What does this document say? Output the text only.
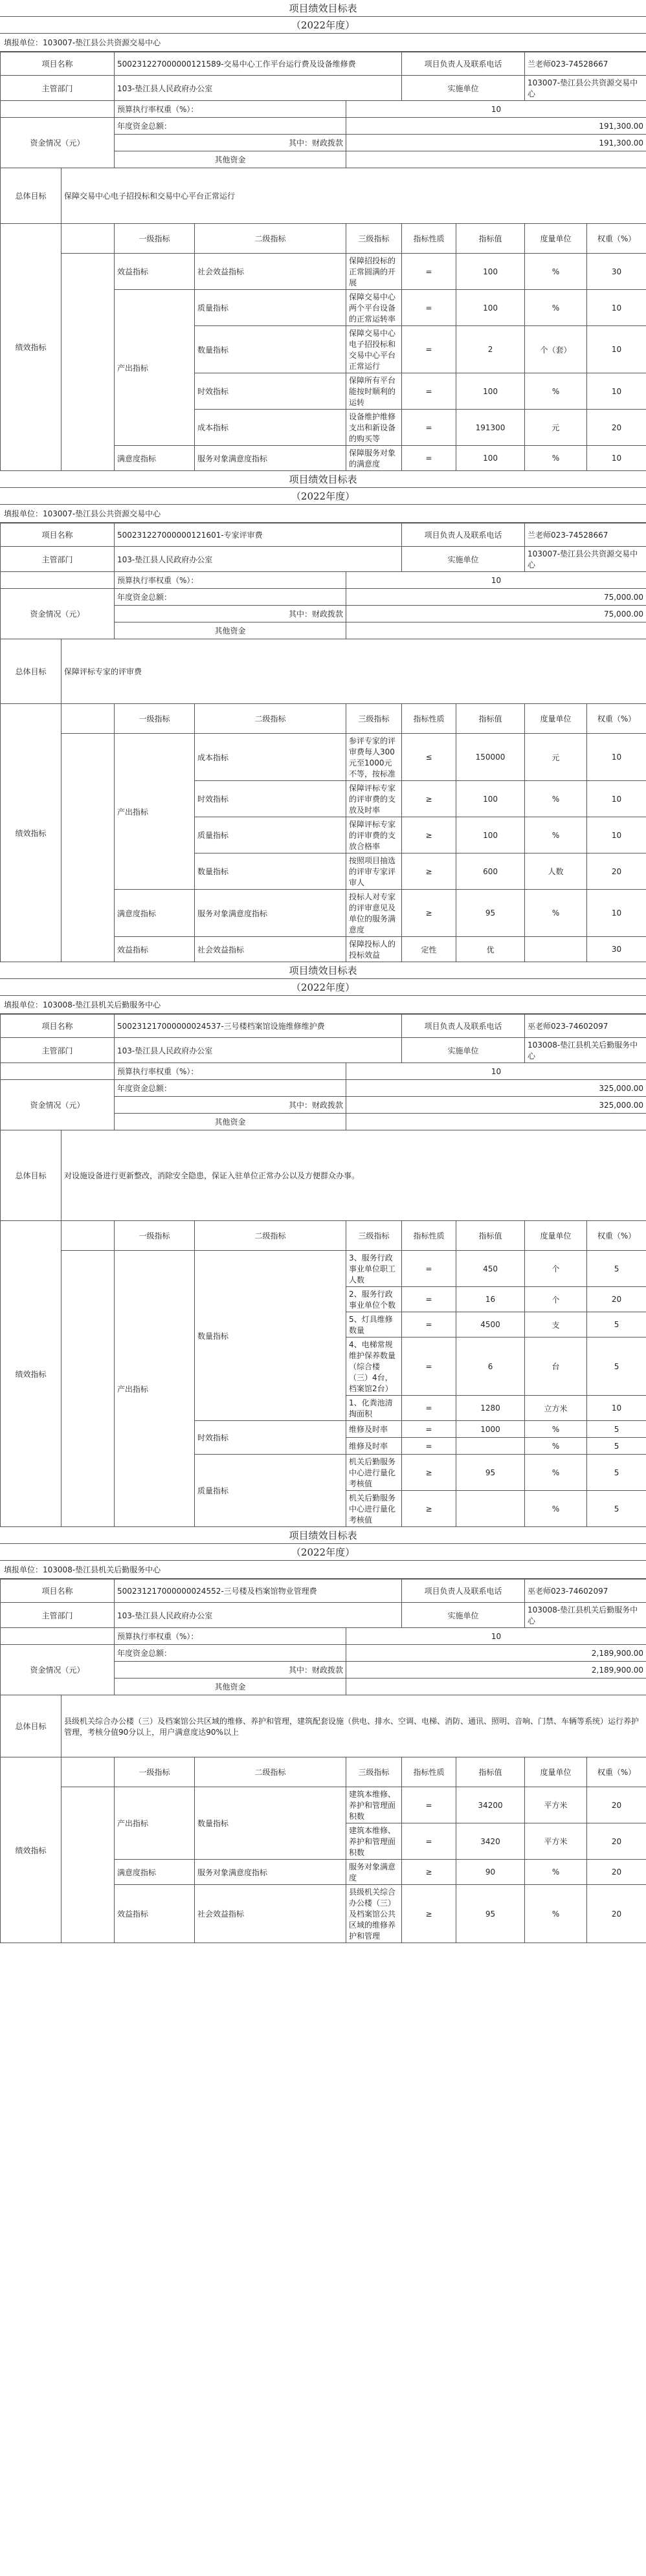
项目绩效目标表
（2022年度）
填报单位： 103007-垫江县公共资源交易中心
项目名称		500231227000000121589-交易中心工作平台运行费及设备维修费			项目负责人及联系电话		兰老师023-74528667	
主管部门		103-垫江县人民政府办公室			实施单位		103007-垫江县公共资源交易中心	
		预算执行率权重（%）：		10				
资金情况（元）		年度资金总额：		191,300.00				
		其中：财政拨款		191,300.00				
		其他资金						
总体目标	保障交易中心电子招投标和交易中心平台正常运行							
绩效指标		一级指标	二级指标	三级指标	指标性质	指标值	度量单位	权重（%）
		效益指标	社会效益指标	保障招投标的正常圆满的开展	=	100	%	30
		产出指标	质量指标	保障交易中心两个平台设备的正常运转率	=	100	%	10
			数量指标	保障交易中心电子招投标和交易中心平台正常运行	=	2	个（套）	10
			时效指标	保障所有平台能按时顺利的运转	=	100	%	10
			成本指标	设备维护维修支出和新设备的购买等	=	191300	元	20
		满意度指标	服务对象满意度指标	保障服务对象的满意度	=	100	%	10
项目绩效目标表
（2022年度）
填报单位： 103007-垫江县公共资源交易中心
项目名称		500231227000000121601-专家评审费			项目负责人及联系电话		兰老师023-74528667	
主管部门		103-垫江县人民政府办公室			实施单位		103007-垫江县公共资源交易中心	
		预算执行率权重（%）：		10				
资金情况（元）		年度资金总额：		75,000.00				
		其中：财政拨款		75,000.00				
		其他资金						
总体目标	保障评标专家的评审费							
绩效指标		一级指标	二级指标	三级指标	指标性质	指标值	度量单位	权重（%）
		产出指标	成本指标	参评专家的评审费每人300元至1000元不等，按标准	≤	150000	元	10
			时效指标	保障评标专家的评审费的支放及时率	≥	100	%	10
			质量指标	保障评标专家的评审费的支放合格率	≥	100	%	10
			数量指标	按照项目抽选的评审专家评审人	≥	600	人数	20
		满意度指标	服务对象满意度指标	投标人对专家的评审意见及单位的服务满意度	≥	95	%	10
		效益指标	社会效益指标	保障投标人的投标效益	定性	优		30
项目绩效目标表
（2022年度）
填报单位： 103008-垫江县机关后勤服务中心
项目名称		500231217000000024537-三号楼档案馆设施维修维护费			项目负责人及联系电话		巫老师023-74602097	
主管部门		103-垫江县人民政府办公室			实施单位		103008-垫江县机关后勤服务中心	
		预算执行率权重（%）：		10				
资金情况（元）		年度资金总额：		325,000.00				
		其中：财政拨款		325,000.00				
		其他资金						
总体目标	对设施设备进行更新整改，消除安全隐患，保证入驻单位正常办公以及方便群众办事。							
绩效指标		一级指标	二级指标	三级指标	指标性质	指标值	度量单位	权重（%）
		产出指标	数量指标	3、服务行政事业单位职工人数	=	450	个	5
				2、服务行政事业单位个数	=	16	个	20
				5、灯具维修数量	=	4500	支	5
				4、电梯常规维护保养数量（综合楼（三）4台，档案馆2台）	=	6	台	5
				1、化粪池清掏面积	=	1280	立方米	10
			时效指标	维修及时率	=	1000	%	5
				维修及时率	=		%	5
			质量指标	机关后勤服务中心进行量化考核值	≥	95	%	5
				机关后勤服务中心进行量化考核值	≥		%	5
项目绩效目标表
（2022年度）
填报单位： 103008-垫江县机关后勤服务中心
项目名称		500231217000000024552-三号楼及档案馆物业管理费			项目负责人及联系电话		巫老师023-74602097	
主管部门		103-垫江县人民政府办公室			实施单位		103008-垫江县机关后勤服务中心	
		预算执行率权重（%）：		10				
资金情况（元）		年度资金总额：		2,189,900.00				
		其中：财政拨款		2,189,900.00				
		其他资金						
总体目标	县级机关综合办公楼（三）及档案馆公共区域的维修、养护和管理，建筑配套设施（供电、排水、空调、电梯、消防、通讯、照明、音响、门禁、车辆等系统）运行养护管理，考核分值90分以上，用户满意度达90%以上							
绩效指标		一级指标	二级指标	三级指标	指标性质	指标值	度量单位	权重（%）
		产出指标	数量指标	建筑本维修、养护和管理面积数	=	34200	平方米	20
				建筑本维修、养护和管理面积数	=	3420	平方米	20
		满意度指标	服务对象满意度指标	服务对象满意度	≥	90	%	20
		效益指标	社会效益指标	县级机关综合办公楼（三）及档案馆公共区域的维修养护和管理	≥	95	%	20
